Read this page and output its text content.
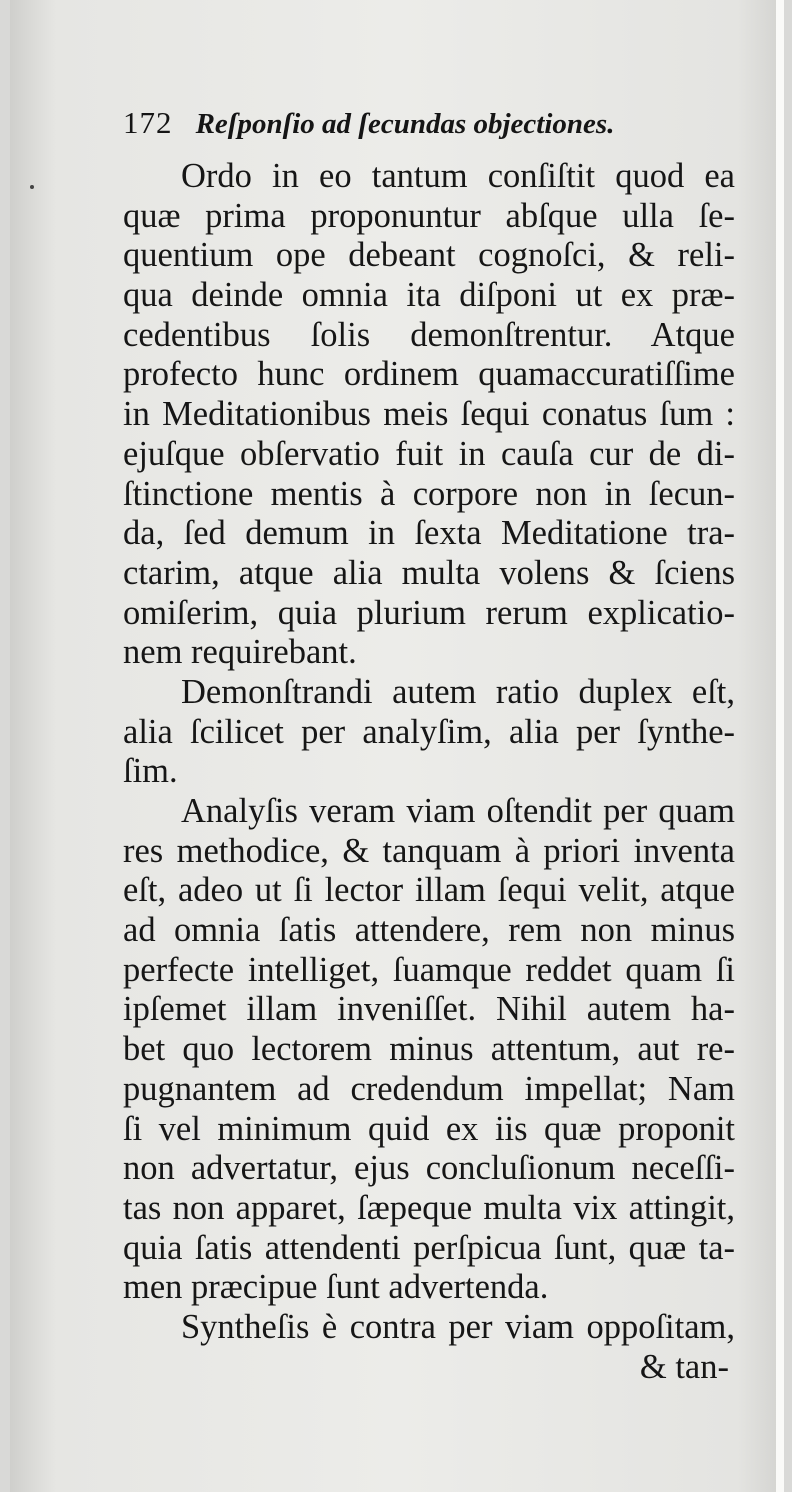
172 Reſponſio ad ſecundas objectiones.
Ordo in eo tantum conſiſtit quod ea
quæ prima proponuntur abſque ulla ſe-
quentium ope debeant cognoſci, & reli-
qua deinde omnia ita diſponi ut ex præ-
cedentibus ſolis demonſtrentur. Atque
profecto hunc ordinem quamaccuratiſſime
in Meditationibus meis ſequi conatus ſum :
ejuſque obſervatio fuit in cauſa cur de di-
ſtinctione mentis à corpore non in ſecun-
da, ſed demum in ſexta Meditatione tra-
ctarim, atque alia multa volens & ſciens
omiſerim, quia plurium rerum explicatio-
nem requirebant.
Demonſtrandi autem ratio duplex eſt,
alia ſcilicet per analyſim, alia per ſynthe-
ſim.
Analyſis veram viam oſtendit per quam
res methodice, & tanquam à priori inventa
eſt, adeo ut ſi lector illam ſequi velit, atque
ad omnia ſatis attendere, rem non minus
perfecte intelliget, ſuamque reddet quam ſi
ipſemet illam inveniſſet. Nihil autem ha-
bet quo lectorem minus attentum, aut re-
pugnantem ad credendum impellat; Nam
ſi vel minimum quid ex iis quæ proponit
non advertatur, ejus concluſionum neceſſi-
tas non apparet, ſæpeque multa vix attingit,
quia ſatis attendenti perſpicua ſunt, quæ ta-
men præcipue ſunt advertenda.
Syntheſis è contra per viam oppoſitam,
& tan-
